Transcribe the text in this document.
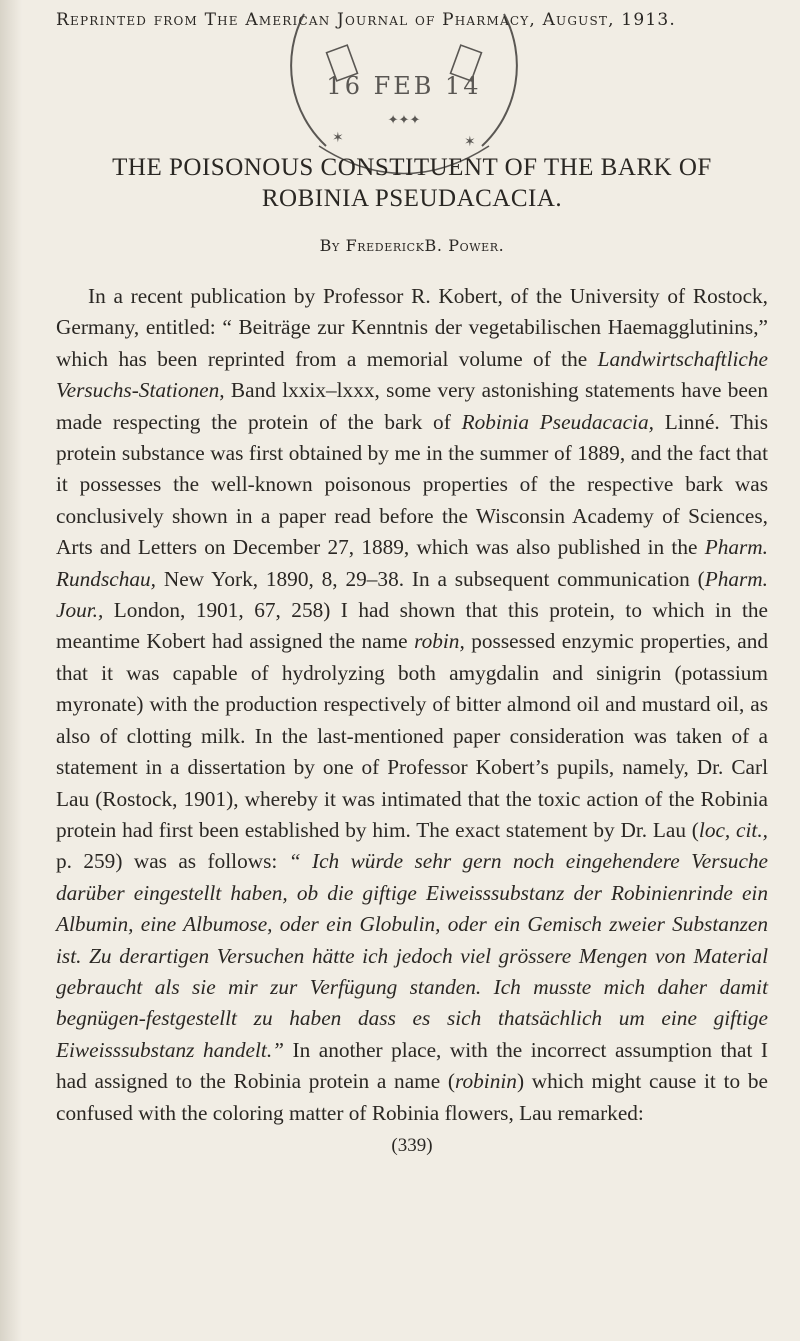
16 FEB 14
✦✦✦
✶	✶
Reprinted from The American Journal of Pharmacy, August, 1913.
THE POISONOUS CONSTITUENT OF THE BARK OF
ROBINIA PSEUDACACIA.
By FrederickB. Power.
In a recent publication by Professor R. Kobert, of the University of Rostock, Germany, entitled: “ Beiträge zur Kenntnis der vegetabilischen Haemagglutinins,” which has been reprinted from a memorial volume of the Landwirtschaftliche Versuchs-Stationen, Band lxxix–lxxx, some very astonishing statements have been made respecting the protein of the bark of Robinia Pseudacacia, Linné. This protein substance was first obtained by me in the summer of 1889, and the fact that it possesses the well-known poisonous properties of the respective bark was conclusively shown in a paper read before the Wisconsin Academy of Sciences, Arts and Letters on December 27, 1889, which was also published in the Pharm. Rundschau, New York, 1890, 8, 29–38. In a subsequent communication (Pharm. Jour., London, 1901, 67, 258) I had shown that this protein, to which in the meantime Kobert had assigned the name robin, possessed enzymic properties, and that it was capable of hydrolyzing both amygdalin and sinigrin (potassium myronate) with the production respectively of bitter almond oil and mustard oil, as also of clotting milk. In the last-mentioned paper consideration was taken of a statement in a dissertation by one of Professor Kobert’s pupils, namely, Dr. Carl Lau (Rostock, 1901), whereby it was intimated that the toxic action of the Robinia protein had first been established by him. The exact statement by Dr. Lau (loc, cit., p. 259) was as follows: “ Ich würde sehr gern noch eingehendere Versuche darüber eingestellt haben, ob die giftige Eiweisssubstanz der Robinienrinde ein Albumin, eine Albumose, oder ein Globulin, oder ein Gemisch zweier Substanzen ist. Zu derartigen Versuchen hätte ich jedoch viel grössere Mengen von Material gebraucht als sie mir zur Verfügung standen. Ich musste mich daher damit begnügen-festgestellt zu haben dass es sich thatsächlich um eine giftige Eiweisssubstanz handelt.” In another place, with the incorrect assumption that I had assigned to the Robinia protein a name (robinin) which might cause it to be confused with the coloring matter of Robinia flowers, Lau remarked:
(339)
